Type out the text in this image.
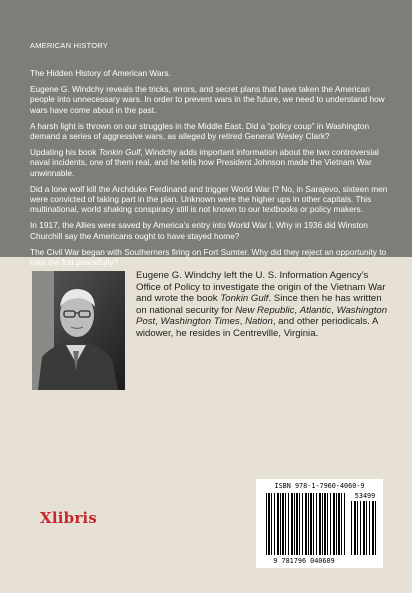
AMERICAN HISTORY

The Hidden History of American Wars.

Eugene G. Windchy reveals the tricks, errors, and secret plans that have taken the American people into unnecessary wars. In order to prevent wars in the future, we need to understand how wars have come about in the past.

A harsh light is thrown on our struggles in the Middle East. Did a “policy coup” in Washington demand a series of aggressive wars, as alleged by retired General Wesley Clark?

Updating his book Tonkin Gulf, Windchy adds important information about the two controversial naval incidents, one of them real, and he tells how President Johnson made the Vietnam War unwinnable.

Did a lone wolf kill the Archduke Ferdinand and trigger World War I? No, in Sarajevo, sixteen men were convicted of taking part in the plan. Unknown were the higher ups in other capitals. This multinational, world shaking conspiracy still is not known to our textbooks or policy makers.

In 1917, the Allies were saved by America’s entry into World War I. Why in 1936 did Winston Churchill say the Americans ought to have stayed home?

The Civil War began with Southerners firing on Fort Sumter. Why did they reject an opportunity to take the fort peacefully?

Eugene G. Windchy left the U. S. Information Agency’s Office of Policy to investigate the origin of the Vietnam War and wrote the book Tonkin Gulf. Since then he has written on national security for New Republic, Atlantic, Washington Post, Washington Times, Nation, and other periodicals. A widower, he resides in Centreville, Virginia.
Xlibris
ISBN 978-1-7960-4060-9
53499
9 781796 040609
